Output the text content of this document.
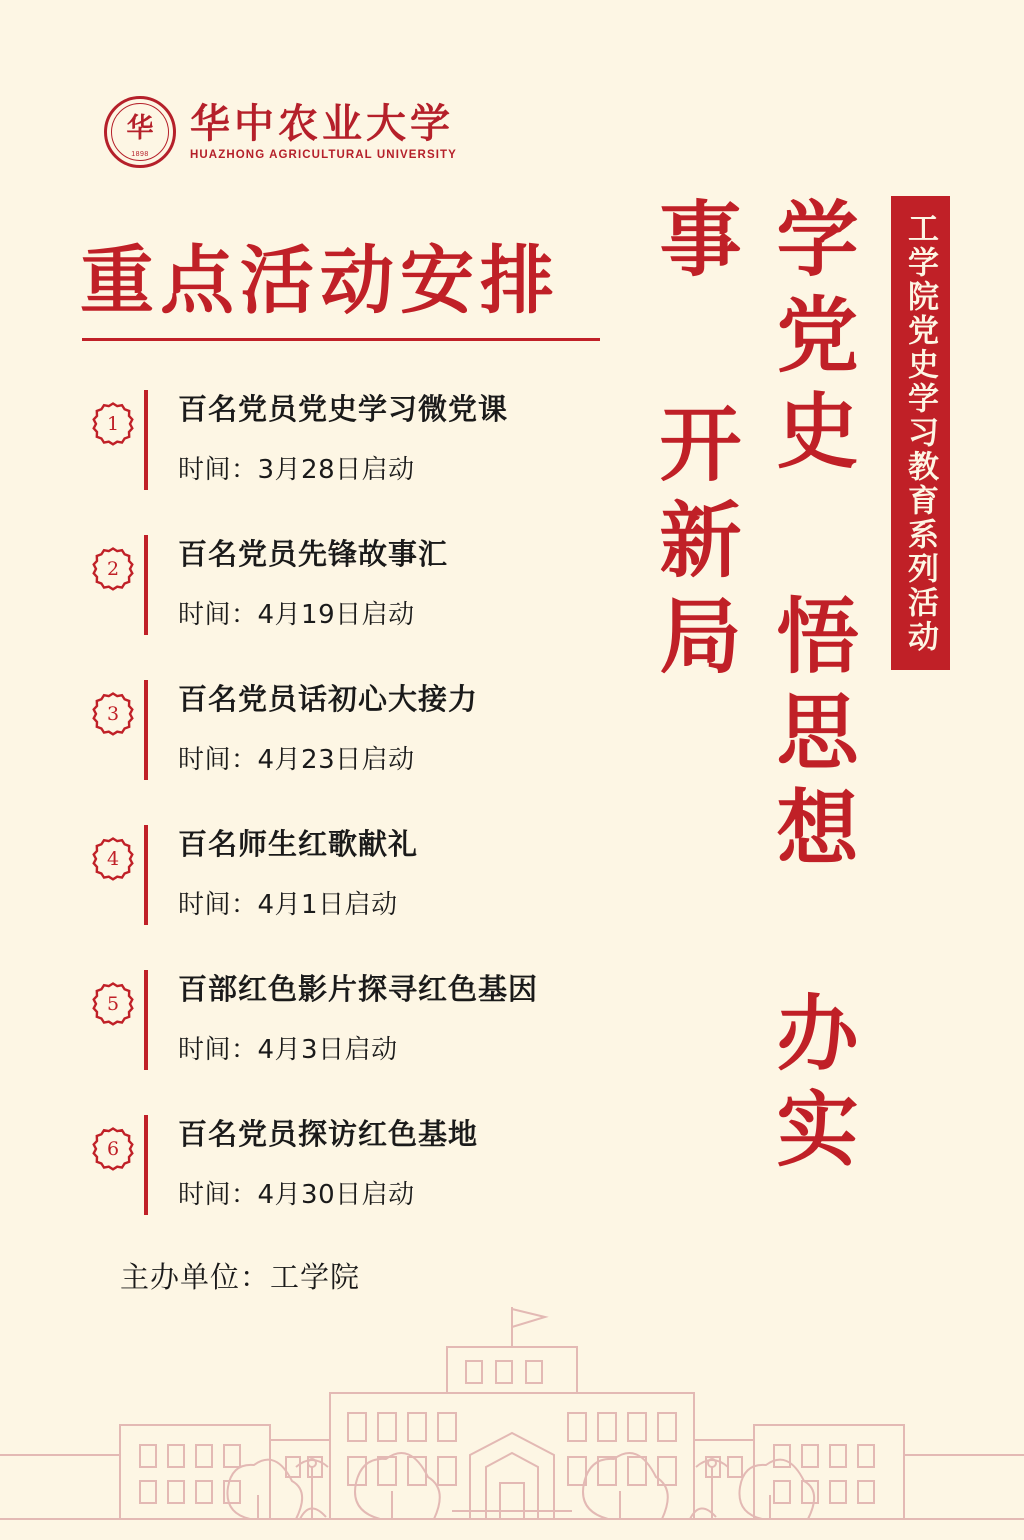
华
1898
华中农业大学
HUAZHONG AGRICULTURAL UNIVERSITY
重点活动安排
1	百名党员党史学习微党课
时间：3月28日启动
2	百名党员先锋故事汇
时间：4月19日启动
3	百名党员话初心大接力
时间：4月23日启动
4	百名师生红歌献礼
时间：4月1日启动
5	百部红色影片探寻红色基因
时间：4月3日启动
6	百名党员探访红色基地
时间：4月30日启动
主办单位：工学院
学党史 悟思想 办实事 开新局	工学院党史学习教育系列活动
